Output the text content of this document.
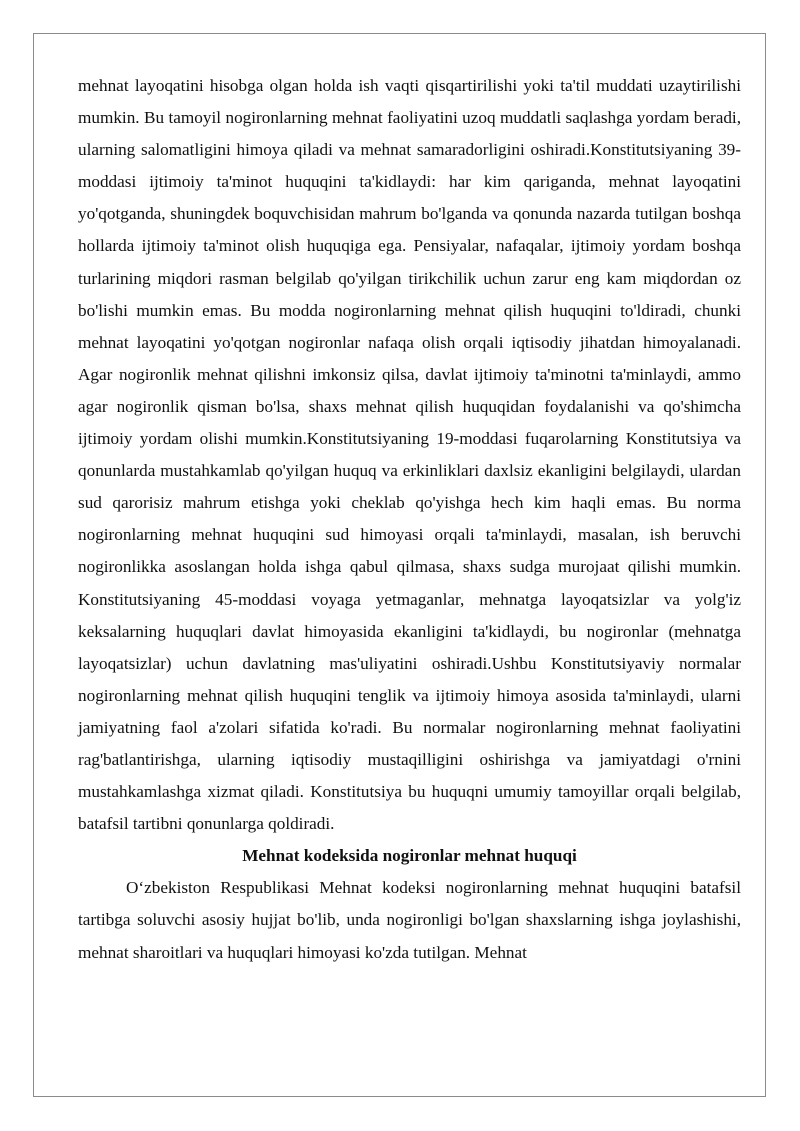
mehnat layoqatini hisobga olgan holda ish vaqti qisqartirilishi yoki ta'til muddati uzaytirilishi mumkin. Bu tamoyil nogironlarning mehnat faoliyatini uzoq muddatli saqlashga yordam beradi, ularning salomatligini himoya qiladi va mehnat samaradorligini oshiradi.Konstitutsiyaning 39-moddasi ijtimoiy ta'minot huquqini ta'kidlaydi: har kim qariganda, mehnat layoqatini yo'qotganda, shuningdek boquvchisidan mahrum bo'lganda va qonunda nazarda tutilgan boshqa hollarda ijtimoiy ta'minot olish huquqiga ega. Pensiyalar, nafaqalar, ijtimoiy yordam boshqa turlarining miqdori rasman belgilab qo'yilgan tirikchilik uchun zarur eng kam miqdordan oz bo'lishi mumkin emas. Bu modda nogironlarning mehnat qilish huquqini to'ldiradi, chunki mehnat layoqatini yo'qotgan nogironlar nafaqa olish orqali iqtisodiy jihatdan himoyalanadi. Agar nogironlik mehnat qilishni imkonsiz qilsa, davlat ijtimoiy ta'minotni ta'minlaydi, ammo agar nogironlik qisman bo'lsa, shaxs mehnat qilish huquqidan foydalanishi va qo'shimcha ijtimoiy yordam olishi mumkin.Konstitutsiyaning 19-moddasi fuqarolarning Konstitutsiya va qonunlarda mustahkamlab qo'yilgan huquq va erkinliklari daxlsiz ekanligini belgilaydi, ulardan sud qarorisiz mahrum etishga yoki cheklab qo'yishga hech kim haqli emas. Bu norma nogironlarning mehnat huquqini sud himoyasi orqali ta'minlaydi, masalan, ish beruvchi nogironlikka asoslangan holda ishga qabul qilmasa, shaxs sudga murojaat qilishi mumkin. Konstitutsiyaning 45-moddasi voyaga yetmaganlar, mehnatga layoqatsizlar va yolg'iz keksalarning huquqlari davlat himoyasida ekanligini ta'kidlaydi, bu nogironlar (mehnatga layoqatsizlar) uchun davlatning mas'uliyatini oshiradi.Ushbu Konstitutsiyaviy normalar nogironlarning mehnat qilish huquqini tenglik va ijtimoiy himoya asosida ta'minlaydi, ularni jamiyatning faol a'zolari sifatida ko'radi. Bu normalar nogironlarning mehnat faoliyatini rag'batlantirishga, ularning iqtisodiy mustaqilligini oshirishga va jamiyatdagi o'rnini mustahkamlashga xizmat qiladi. Konstitutsiya bu huquqni umumiy tamoyillar orqali belgilab, batafsil tartibni qonunlarga qoldiradi.

Mehnat kodeksida nogironlar mehnat huquqi

O‘zbekiston Respublikasi Mehnat kodeksi nogironlarning mehnat huquqini batafsil tartibga soluvchi asosiy hujjat bo'lib, unda nogironligi bo'lgan shaxslarning ishga joylashishi, mehnat sharoitlari va huquqlari himoyasi ko'zda tutilgan. Mehnat
